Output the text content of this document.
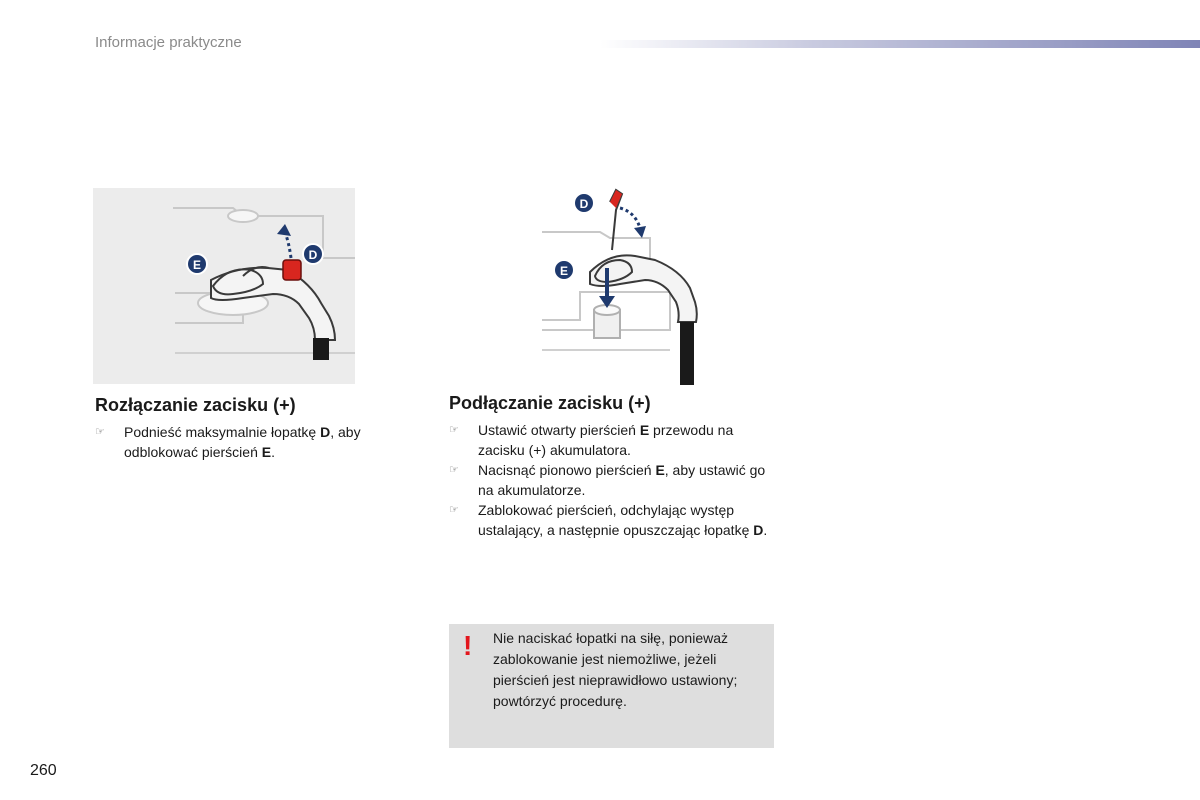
Informacje praktyczne
E
D
D
E
Rozłączanie zacisku (+)
☞ Podnieść maksymalnie łopatkę D, aby odblokować pierścień E.
Podłączanie zacisku (+)
☞ Ustawić otwarty pierścień E przewodu na zacisku (+) akumulatora.
☞ Nacisnąć pionowo pierścień E, aby ustawić go na akumulatorze.
☞ Zablokować pierścień, odchylając występ ustalający, a następnie opuszczając łopatkę D.
! Nie naciskać łopatki na siłę, ponieważ zablokowanie jest niemożliwe, jeżeli pierścień jest nieprawidłowo ustawiony; powtórzyć procedurę.

260
